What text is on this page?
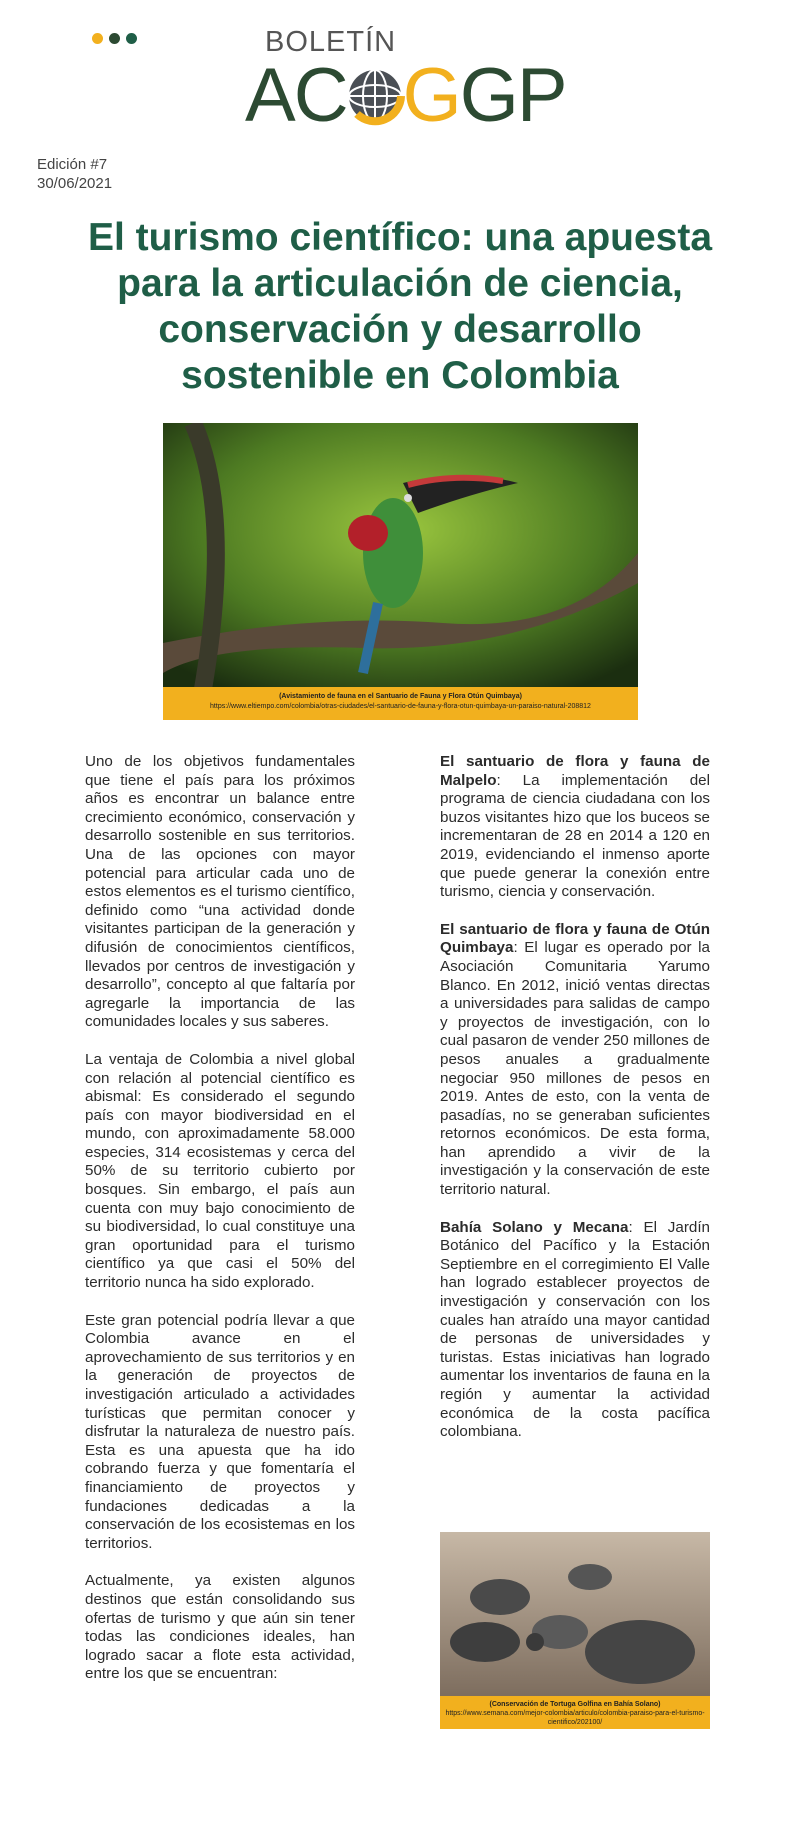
BOLETÍN
AC G GP
Edición #7
30/06/2021
El turismo científico: una apuesta para la articulación de ciencia, conservación y desarrollo sostenible en Colombia
(Avistamiento de fauna en el Santuario de Fauna y Flora Otún Quimbaya)
https://www.eltiempo.com/colombia/otras-ciudades/el-santuario-de-fauna-y-flora-otun-quimbaya-un-paraiso-natural-208812

Uno de los objetivos fundamentales que tiene el país para los próximos años es encontrar un balance entre crecimiento económico, conservación y desarrollo sostenible en sus territorios. Una de las opciones con mayor potencial para articular cada uno de estos elementos es el turismo científico, definido como “una actividad donde visitantes participan de la generación y difusión de conocimientos científicos, llevados por centros de investigación y desarrollo”, concepto al que faltaría por agregarle la importancia de las comunidades locales y sus saberes.

La ventaja de Colombia a nivel global con relación al potencial científico es abismal: Es considerado el segundo país con mayor biodiversidad en el mundo, con aproximadamente 58.000 especies, 314 ecosistemas y cerca del 50% de su territorio cubierto por bosques. Sin embargo, el país aun cuenta con muy bajo conocimiento de su biodiversidad, lo cual constituye una gran oportunidad para el turismo científico ya que casi el 50% del territorio nunca ha sido explorado.

Este gran potencial podría llevar a que Colombia avance en el aprovechamiento de sus territorios y en la generación de proyectos de investigación articulado a actividades turísticas que permitan conocer y disfrutar la naturaleza de nuestro país. Esta es una apuesta que ha ido cobrando fuerza y que fomentaría el financiamiento de proyectos y fundaciones dedicadas a la conservación de los ecosistemas en los territorios.

Actualmente, ya existen algunos destinos que están consolidando sus ofertas de turismo y que aún sin tener todas las condiciones ideales, han logrado sacar a flote esta actividad, entre los que se encuentran:

El santuario de flora y fauna de Malpelo: La implementación del programa de ciencia ciudadana con los buzos visitantes hizo que los buceos se incrementaran de 28 en 2014 a 120 en 2019, evidenciando el inmenso aporte que puede generar la conexión entre turismo, ciencia y conservación.

El santuario de flora y fauna de Otún Quimbaya: El lugar es operado por la Asociación Comunitaria Yarumo Blanco. En 2012, inició ventas directas a universidades para salidas de campo y proyectos de investigación, con lo cual pasaron de vender 250 millones de pesos anuales a gradualmente negociar 950 millones de pesos en 2019. Antes de esto, con la venta de pasadías, no se generaban suficientes retornos económicos. De esta forma, han aprendido a vivir de la investigación y la conservación de este territorio natural.

Bahía Solano y Mecana: El Jardín Botánico del Pacífico y la Estación Septiembre en el corregimiento El Valle han logrado establecer proyectos de investigación y conservación con los cuales han atraído una mayor cantidad de personas de universidades y turistas. Estas iniciativas han logrado aumentar los inventarios de fauna en la región y aumentar la actividad económica de la costa pacífica colombiana.

(Conservación de Tortuga Golfina en Bahía Solano)
https://www.semana.com/mejor-colombia/articulo/colombia-paraiso-para-el-turismo-cientifico/202100/
